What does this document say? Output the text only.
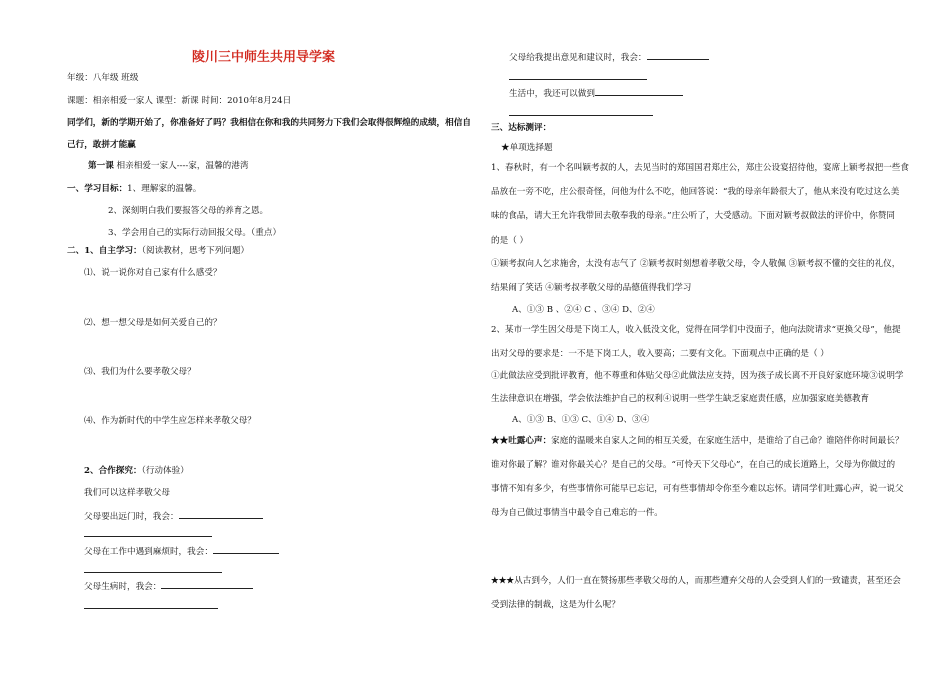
陵川三中师生共用导学案
年级：八年级 班级
课题：相亲相爱一家人 课型：新课 时间：2010年8月24日
同学们，新的学期开始了，你准备好了吗？我相信在你和我的共同努力下我们会取得很辉煌的成绩，相信自
己行，敢拼才能赢
第一课 相亲相爱一家人----家，温馨的港湾
一、学习目标：1、理解家的温馨。
2、深刻明白我们要报答父母的养育之恩。
3、学会用自己的实际行动回报父母。（重点）
二、1、自主学习：（阅读教材，思考下列问题）
⑴、说一说你对自己家有什么感受？
⑵、想一想父母是如何关爱自己的？
⑶、我们为什么要孝敬父母？
⑷、作为新时代的中学生应怎样来孝敬父母？
2、合作探究：（行动体验）
我们可以这样孝敬父母
父母要出远门时，我会：
父母在工作中遇到麻烦时，我会：
父母生病时，我会：
父母给我提出意见和建议时，我会：
生活中，我还可以做到
三、达标测评：
★单项选择题
1、春秋时，有一个名叫颖考叔的人，去见当时的郑国国君郑庄公，郑庄公设宴招待他，宴席上颖考叔把一些食
品放在一旁不吃，庄公很奇怪，问他为什么不吃，他回答说：“我的母亲年龄很大了，他从来没有吃过这么美
味的食品，请大王允许我带回去敬奉我的母亲。”庄公听了，大受感动。下面对颖考叔做法的评价中，你赞同
的是（ ）
①颖考叔向人乞求施舍，太没有志气了 ②颖考叔时刻想着孝敬父母，令人敬佩 ③颖考叔不懂的交往的礼仪，
结果闹了笑话 ④颖考叔孝敬父母的品德值得我们学习
A、①③ B 、②④ C 、③④ D、②④
2、某市一学生因父母是下岗工人，收入低没文化，觉得在同学们中没面子，他向法院请求“更换父母”，他提
出对父母的要求是：一不是下岗工人，收入要高；二要有文化。下面观点中正确的是（ ）
①此做法应受到批评教育，他不尊重和体贴父母②此做法应支持，因为孩子成长离不开良好家庭环境③说明学
生法律意识在增强，学会依法维护自己的权利④说明一些学生缺乏家庭责任感，应加强家庭美德教育
A、①③ B、①③ C、①④ D、③④
★★吐露心声：家庭的温暖来自家人之间的相互关爱，在家庭生活中，是谁给了自己命？谁陪伴你时间最长？
谁对你最了解？谁对你最关心？是自己的父母。“可怜天下父母心”，在自己的成长道路上，父母为你做过的
事情不知有多少，有些事情你可能早已忘记，可有些事情却令你至今难以忘怀。请同学们吐露心声，说一说父
母为自己做过事情当中最令自己难忘的一件。
★★★从古到今，人们一直在赞扬那些孝敬父母的人，而那些遭弃父母的人会受到人们的一致谴责，甚至还会
受到法律的制裁，这是为什么呢？
